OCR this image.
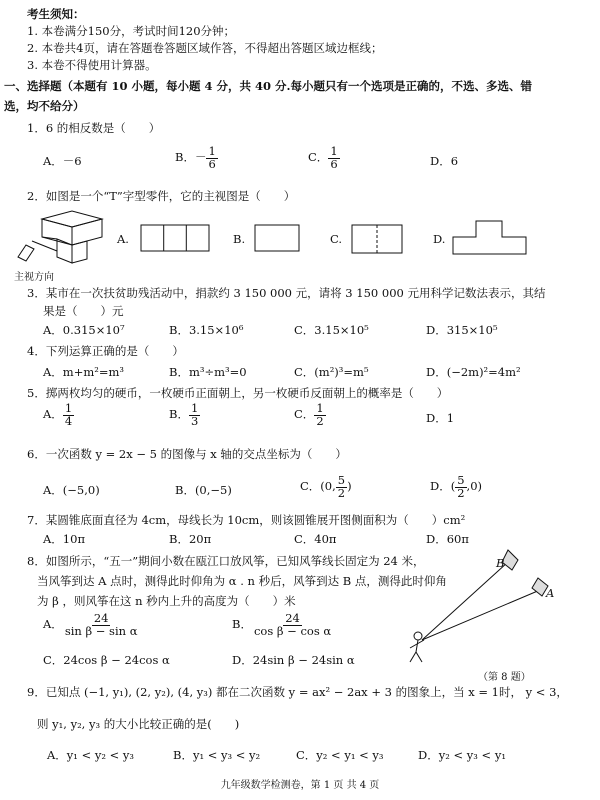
考生须知：
1. 本卷满分150分，考试时间120分钟；
2. 本卷共4页，请在答题卷答题区域作答，不得超出答题区域边框线；
3. 本卷不得使用计算器。
一、选择题（本题有 10 小题，每小题 4 分，共 40 分.每小题只有一个选项是正确的，不选、多选、错
选，均不给分）
1．6 的相反数是（　　）
A．－6	B．－ $\frac{1}{6}$	C． $\frac{1}{6}$	D．6
2．如图是一个“T”字型零件，它的主视图是（　　）
主视方向
A.	B.	C.	D.
3．某市在一次扶贫助残活动中，捐款约 3 150 000 元，请将 3 150 000 元用科学记数法表示，其结
果是（　　）元
A．0.315×10⁷	B．3.15×10⁶	C．3.15×10⁵	D．315×10⁵
4．下列运算正确的是（　　）
A．m+m²=m³	B．m³÷m³=0	C．(m²)³=m⁵	D．(−2m)²=4m²
5．掷两枚均匀的硬币，一枚硬币正面朝上，另一枚硬币反面朝上的概率是（　　）
A． $\frac{1}{4}$	B． $\frac{1}{3}$	C． $\frac{1}{2}$	D．1
6．一次函数 y = 2x − 5 的图像与 x 轴的交点坐标为（　　）
A．(−5,0)	B．(0,−5)	C．(0, $\frac{5}{2}$ )	D．( $\frac{5}{2} ,0$)
7．某圆锥底面直径为 4cm，母线长为 10cm，则该圆锥展开图侧面积为（　　）cm²
A．10π	B．20π	C．40π	D．60π
8．如图所示，“五一”期间小数在瓯江口放风筝，已知风筝线长固定为 24 米，
当风筝到达 A 点时，测得此时仰角为 α . n 秒后，风筝到达 B 点，测得此时仰角
为 β ，则风筝在这 n 秒内上升的高度为（　　）米
A． $\frac{24}{\text{sin β − sin α}}$	B． $\frac{24}{\text{cos β − cos α}}$
C．24cos β − 24cos α	D．24sin β − 24sin α
B
A
（第 8 题）
9．已知点 (−1, y₁), (2, y₂), (4, y₃) 都在二次函数 y = ax² − 2ax + 3 的图象上，当 x = 1时， y < 3，
则 y₁, y₂, y₃ 的大小比较正确的是(　　)
A．y₁ < y₂ < y₃	B．y₁ < y₃ < y₂	C．y₂ < y₁ < y₃	D．y₂ < y₃ < y₁
九年级数学检测卷，第 1 页 共 4 页
